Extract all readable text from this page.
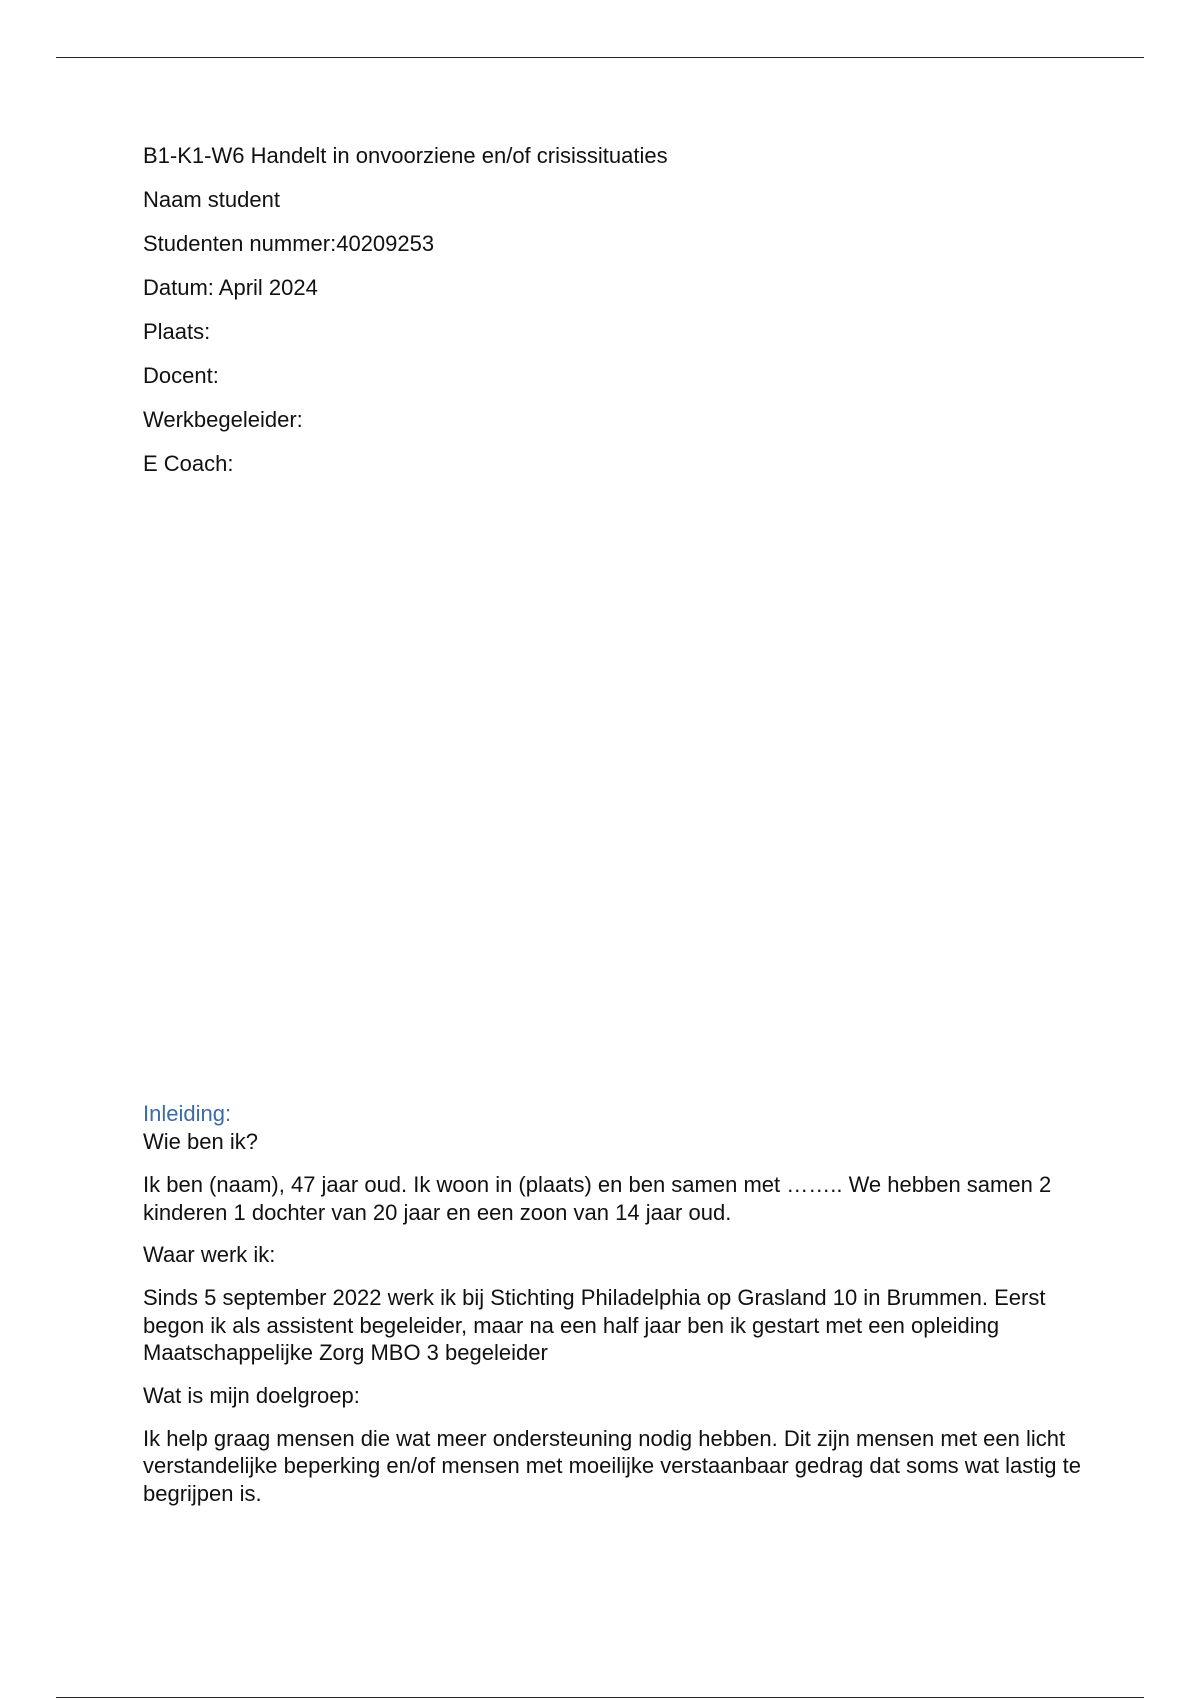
B1-K1-W6 Handelt in onvoorziene en/of crisissituaties
Naam student
Studenten nummer:40209253
Datum: April 2024
Plaats:
Docent:
Werkbegeleider:
E Coach:
Inleiding:
Wie ben ik?
Ik ben (naam), 47 jaar oud. Ik woon in (plaats) en ben samen met …….. We hebben samen 2 kinderen 1 dochter van 20 jaar en een zoon van 14 jaar oud.
Waar werk ik:
Sinds 5 september 2022 werk ik bij Stichting Philadelphia op Grasland 10 in Brummen. Eerst begon ik als assistent begeleider, maar na een half jaar ben ik gestart met een opleiding Maatschappelijke Zorg MBO 3 begeleider
Wat is mijn doelgroep:
Ik help graag mensen die wat meer ondersteuning nodig hebben. Dit zijn mensen met een licht verstandelijke beperking en/of mensen met moeilijke verstaanbaar gedrag dat soms wat lastig te begrijpen is.
